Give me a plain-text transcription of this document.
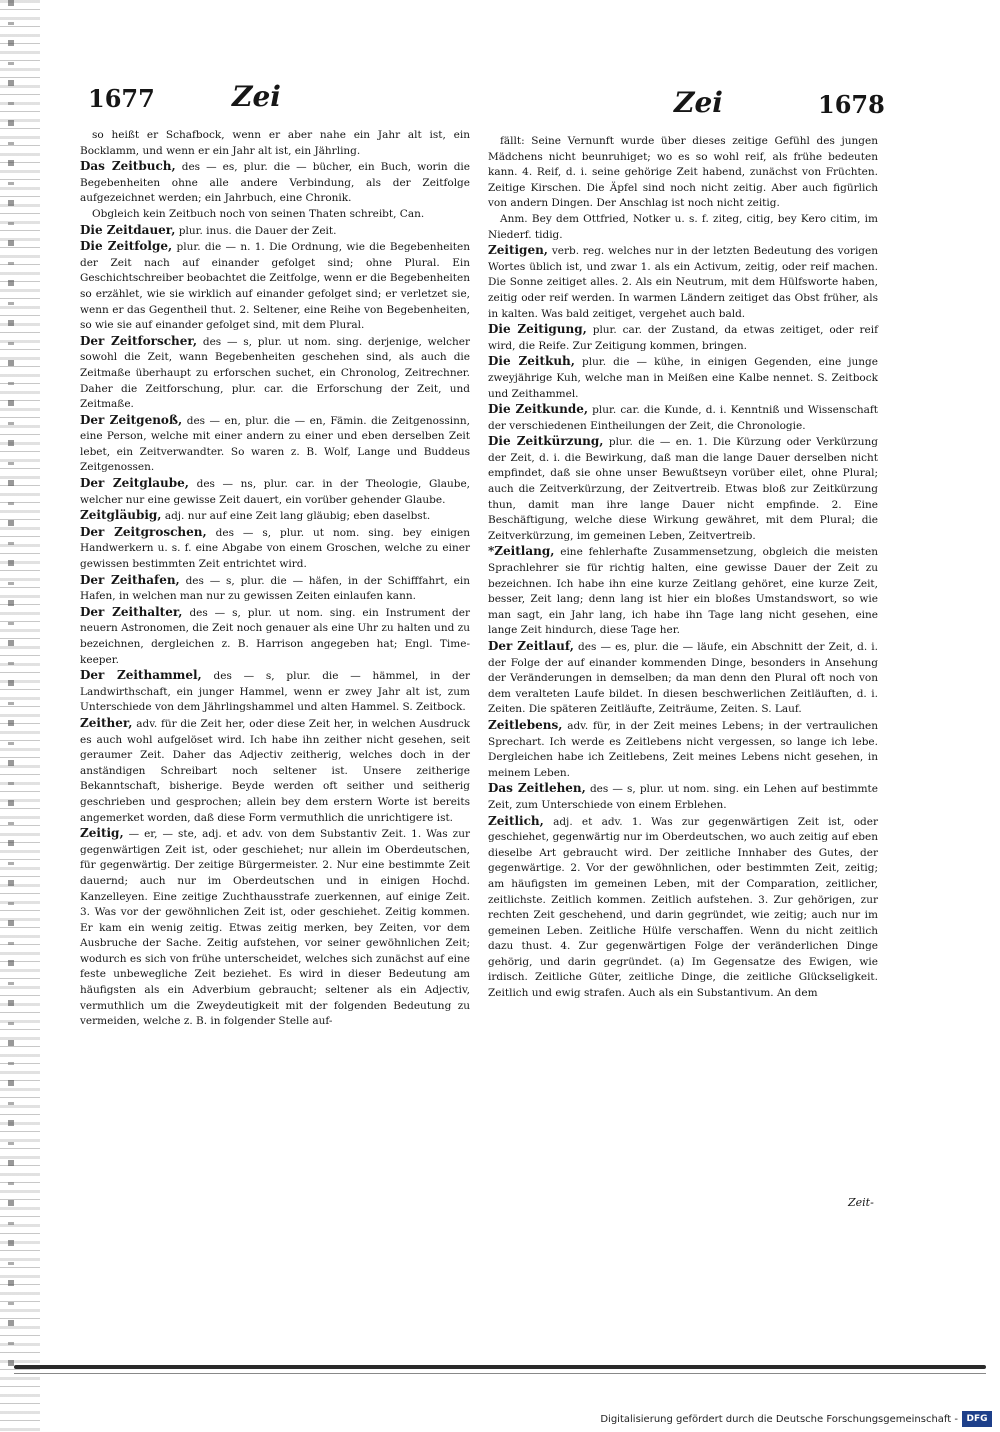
1677	Zei	Zei	1678

so heißt er Schafbock, wenn er aber nahe ein Jahr alt ist, ein Bocklamm, und wenn er ein Jahr alt ist, ein Jährling.

Das Zeitbuch, des — es, plur. die — bücher, ein Buch, worin die Begebenheiten ohne alle andere Verbindung, als der Zeitfolge aufgezeichnet werden; ein Jahrbuch, eine Chronik.

Obgleich kein Zeitbuch noch von seinen Thaten schreibt, Can.

Die Zeitdauer, plur. inus. die Dauer der Zeit.

Die Zeitfolge, plur. die — n. 1. Die Ordnung, wie die Begebenheiten der Zeit nach auf einander gefolget sind; ohne Plural. Ein Geschichtschreiber beobachtet die Zeitfolge, wenn er die Begebenheiten so erzählet, wie sie wirklich auf einander gefolget sind; er verletzet sie, wenn er das Gegentheil thut. 2. Seltener, eine Reihe von Begebenheiten, so wie sie auf einander gefolget sind, mit dem Plural.

Der Zeitforscher, des — s, plur. ut nom. sing. derjenige, welcher sowohl die Zeit, wann Begebenheiten geschehen sind, als auch die Zeitmaße überhaupt zu erforschen suchet, ein Chronolog, Zeitrechner. Daher die Zeitforschung, plur. car. die Erforschung der Zeit, und Zeitmaße.

Der Zeitgenoß, des — en, plur. die — en, Fämin. die Zeitgenossinn, eine Person, welche mit einer andern zu einer und eben derselben Zeit lebet, ein Zeitverwandter. So waren z. B. Wolf, Lange und Buddeus Zeitgenossen.

Der Zeitglaube, des — ns, plur. car. in der Theologie, Glaube, welcher nur eine gewisse Zeit dauert, ein vorüber gehender Glaube.

Zeitgläubig, adj. nur auf eine Zeit lang gläubig; eben daselbst.

Der Zeitgroschen, des — s, plur. ut nom. sing. bey einigen Handwerkern u. s. f. eine Abgabe von einem Groschen, welche zu einer gewissen bestimmten Zeit entrichtet wird.

Der Zeithafen, des — s, plur. die — häfen, in der Schifffahrt, ein Hafen, in welchen man nur zu gewissen Zeiten einlaufen kann.

Der Zeithalter, des — s, plur. ut nom. sing. ein Instrument der neuern Astronomen, die Zeit noch genauer als eine Uhr zu halten und zu bezeichnen, dergleichen z. B. Harrison angegeben hat; Engl. Time-keeper.

Der Zeithammel, des — s, plur. die — hämmel, in der Landwirthschaft, ein junger Hammel, wenn er zwey Jahr alt ist, zum Unterschiede von dem Jährlingshammel und alten Hammel. S. Zeitbock.

Zeither, adv. für die Zeit her, oder diese Zeit her, in welchen Ausdruck es auch wohl aufgelöset wird. Ich habe ihn zeither nicht gesehen, seit geraumer Zeit. Daher das Adjectiv zeitherig, welches doch in der anständigen Schreibart noch seltener ist. Unsere zeitherige Bekanntschaft, bisherige. Beyde werden oft seither und seitherig geschrieben und gesprochen; allein bey dem erstern Worte ist bereits angemerket worden, daß diese Form vermuthlich die unrichtigere ist.

Zeitig, — er, — ste, adj. et adv. von dem Substantiv Zeit. 1. Was zur gegenwärtigen Zeit ist, oder geschiehet; nur allein im Oberdeutschen, für gegenwärtig. Der zeitige Bürgermeister. 2. Nur eine bestimmte Zeit dauernd; auch nur im Oberdeutschen und in einigen Hochd. Kanzelleyen. Eine zeitige Zuchthausstrafe zuerkennen, auf einige Zeit. 3. Was vor der gewöhnlichen Zeit ist, oder geschiehet. Zeitig kommen. Er kam ein wenig zeitig. Etwas zeitig merken, bey Zeiten, vor dem Ausbruche der Sache. Zeitig aufstehen, vor seiner gewöhnlichen Zeit; wodurch es sich von frühe unterscheidet, welches sich zunächst auf eine feste unbewegliche Zeit beziehet. Es wird in dieser Bedeutung am häufigsten als ein Adverbium gebraucht; seltener als ein Adjectiv, vermuthlich um die Zweydeutigkeit mit der folgenden Bedeutung zu vermeiden, welche z. B. in folgender Stelle auf-

fällt: Seine Vernunft wurde über dieses zeitige Gefühl des jungen Mädchens nicht beunruhiget; wo es so wohl reif, als frühe bedeuten kann. 4. Reif, d. i. seine gehörige Zeit habend, zunächst von Früchten. Zeitige Kirschen. Die Äpfel sind noch nicht zeitig. Aber auch figürlich von andern Dingen. Der Anschlag ist noch nicht zeitig.

Anm. Bey dem Ottfried, Notker u. s. f. ziteg, citig, bey Kero citim, im Niederf. tidig.

Zeitigen, verb. reg. welches nur in der letzten Bedeutung des vorigen Wortes üblich ist, und zwar 1. als ein Activum, zeitig, oder reif machen. Die Sonne zeitiget alles. 2. Als ein Neutrum, mit dem Hülfsworte haben, zeitig oder reif werden. In warmen Ländern zeitiget das Obst früher, als in kalten. Was bald zeitiget, vergehet auch bald.

Die Zeitigung, plur. car. der Zustand, da etwas zeitiget, oder reif wird, die Reife. Zur Zeitigung kommen, bringen.

Die Zeitkuh, plur. die — kühe, in einigen Gegenden, eine junge zweyjährige Kuh, welche man in Meißen eine Kalbe nennet. S. Zeitbock und Zeithammel.

Die Zeitkunde, plur. car. die Kunde, d. i. Kenntniß und Wissenschaft der verschiedenen Eintheilungen der Zeit, die Chronologie.

Die Zeitkürzung, plur. die — en. 1. Die Kürzung oder Verkürzung der Zeit, d. i. die Bewirkung, daß man die lange Dauer derselben nicht empfindet, daß sie ohne unser Bewußtseyn vorüber eilet, ohne Plural; auch die Zeitverkürzung, der Zeitvertreib. Etwas bloß zur Zeitkürzung thun, damit man ihre lange Dauer nicht empfinde. 2. Eine Beschäftigung, welche diese Wirkung gewähret, mit dem Plural; die Zeitverkürzung, im gemeinen Leben, Zeitvertreib.

*Zeitlang, eine fehlerhafte Zusammensetzung, obgleich die meisten Sprachlehrer sie für richtig halten, eine gewisse Dauer der Zeit zu bezeichnen. Ich habe ihn eine kurze Zeitlang gehöret, eine kurze Zeit, besser, Zeit lang; denn lang ist hier ein bloßes Umstandswort, so wie man sagt, ein Jahr lang, ich habe ihn Tage lang nicht gesehen, eine lange Zeit hindurch, diese Tage her.

Der Zeitlauf, des — es, plur. die — läufe, ein Abschnitt der Zeit, d. i. der Folge der auf einander kommenden Dinge, besonders in Ansehung der Veränderungen in demselben; da man denn den Plural oft noch von dem veralteten Laufe bildet. In diesen beschwerlichen Zeitläuften, d. i. Zeiten. Die späteren Zeitläufte, Zeiträume, Zeiten. S. Lauf.

Zeitlebens, adv. für, in der Zeit meines Lebens; in der vertraulichen Sprechart. Ich werde es Zeitlebens nicht vergessen, so lange ich lebe. Dergleichen habe ich Zeitlebens, Zeit meines Lebens nicht gesehen, in meinem Leben.

Das Zeitlehen, des — s, plur. ut nom. sing. ein Lehen auf bestimmte Zeit, zum Unterschiede von einem Erblehen.

Zeitlich, adj. et adv. 1. Was zur gegenwärtigen Zeit ist, oder geschiehet, gegenwärtig nur im Oberdeutschen, wo auch zeitig auf eben dieselbe Art gebraucht wird. Der zeitliche Innhaber des Gutes, der gegenwärtige. 2. Vor der gewöhnlichen, oder bestimmten Zeit, zeitig; am häufigsten im gemeinen Leben, mit der Comparation, zeitlicher, zeitlichste. Zeitlich kommen. Zeitlich aufstehen. 3. Zur gehörigen, zur rechten Zeit geschehend, und darin gegründet, wie zeitig; auch nur im gemeinen Leben. Zeitliche Hülfe verschaffen. Wenn du nicht zeitlich dazu thust. 4. Zur gegenwärtigen Folge der veränderlichen Dinge gehörig, und darin gegründet. (a) Im Gegensatze des Ewigen, wie irdisch. Zeitliche Güter, zeitliche Dinge, die zeitliche Glückseligkeit. Zeitlich und ewig strafen. Auch als ein Substantivum. An dem

Zeit-
Digitalisierung gefördert durch die Deutsche Forschungsgemeinschaft - DFG
